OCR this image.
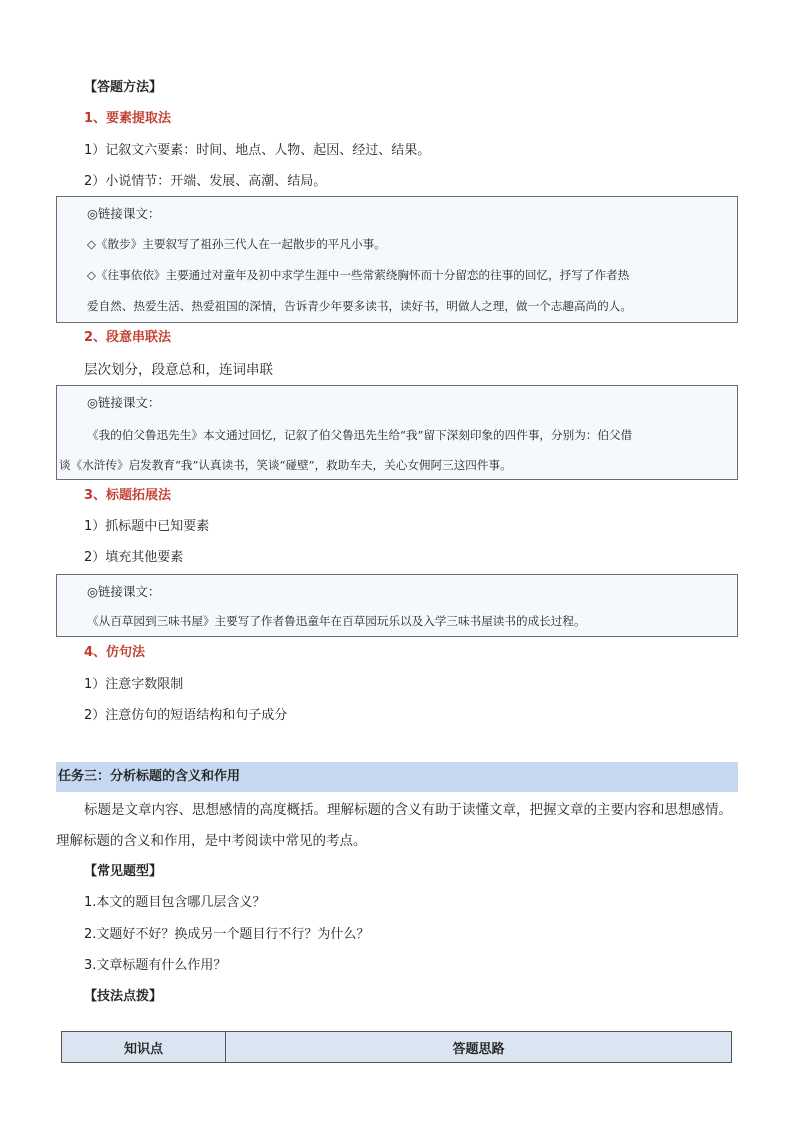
【答题方法】
1、要素提取法
1）记叙文六要素：时间、地点、人物、起因、经过、结果。
2）小说情节：开端、发展、高潮、结局。
◎链接课文：
◇《散步》主要叙写了祖孙三代人在一起散步的平凡小事。
◇《往事依依》主要通过对童年及初中求学生涯中一些常萦绕胸怀而十分留恋的往事的回忆，抒写了作者热
爱自然、热爱生活、热爱祖国的深情，告诉青少年要多读书，读好书，明做人之理，做一个志趣高尚的人。
2、段意串联法
层次划分，段意总和，连词串联
◎链接课文：
《我的伯父鲁迅先生》本文通过回忆，记叙了伯父鲁迅先生给“我”留下深刻印象的四件事，分别为：伯父借
谈《水浒传》启发教育“我”认真读书，笑谈“碰壁”，救助车夫，关心女佣阿三这四件事。
3、标题拓展法
1）抓标题中已知要素
2）填充其他要素
◎链接课文：
《从百草园到三味书屋》主要写了作者鲁迅童年在百草园玩乐以及入学三味书屋读书的成长过程。
4、仿句法
1）注意字数限制
2）注意仿句的短语结构和句子成分
任务三：分析标题的含义和作用
标题是文章内容、思想感情的高度概括。理解标题的含义有助于读懂文章，把握文章的主要内容和思想感情。
理解标题的含义和作用，是中考阅读中常见的考点。
【常见题型】
1.本文的题目包含哪几层含义？
2.文题好不好？换成另一个题目行不行？为什么？
3.文章标题有什么作用？
【技法点拨】
知识点	答题思路
